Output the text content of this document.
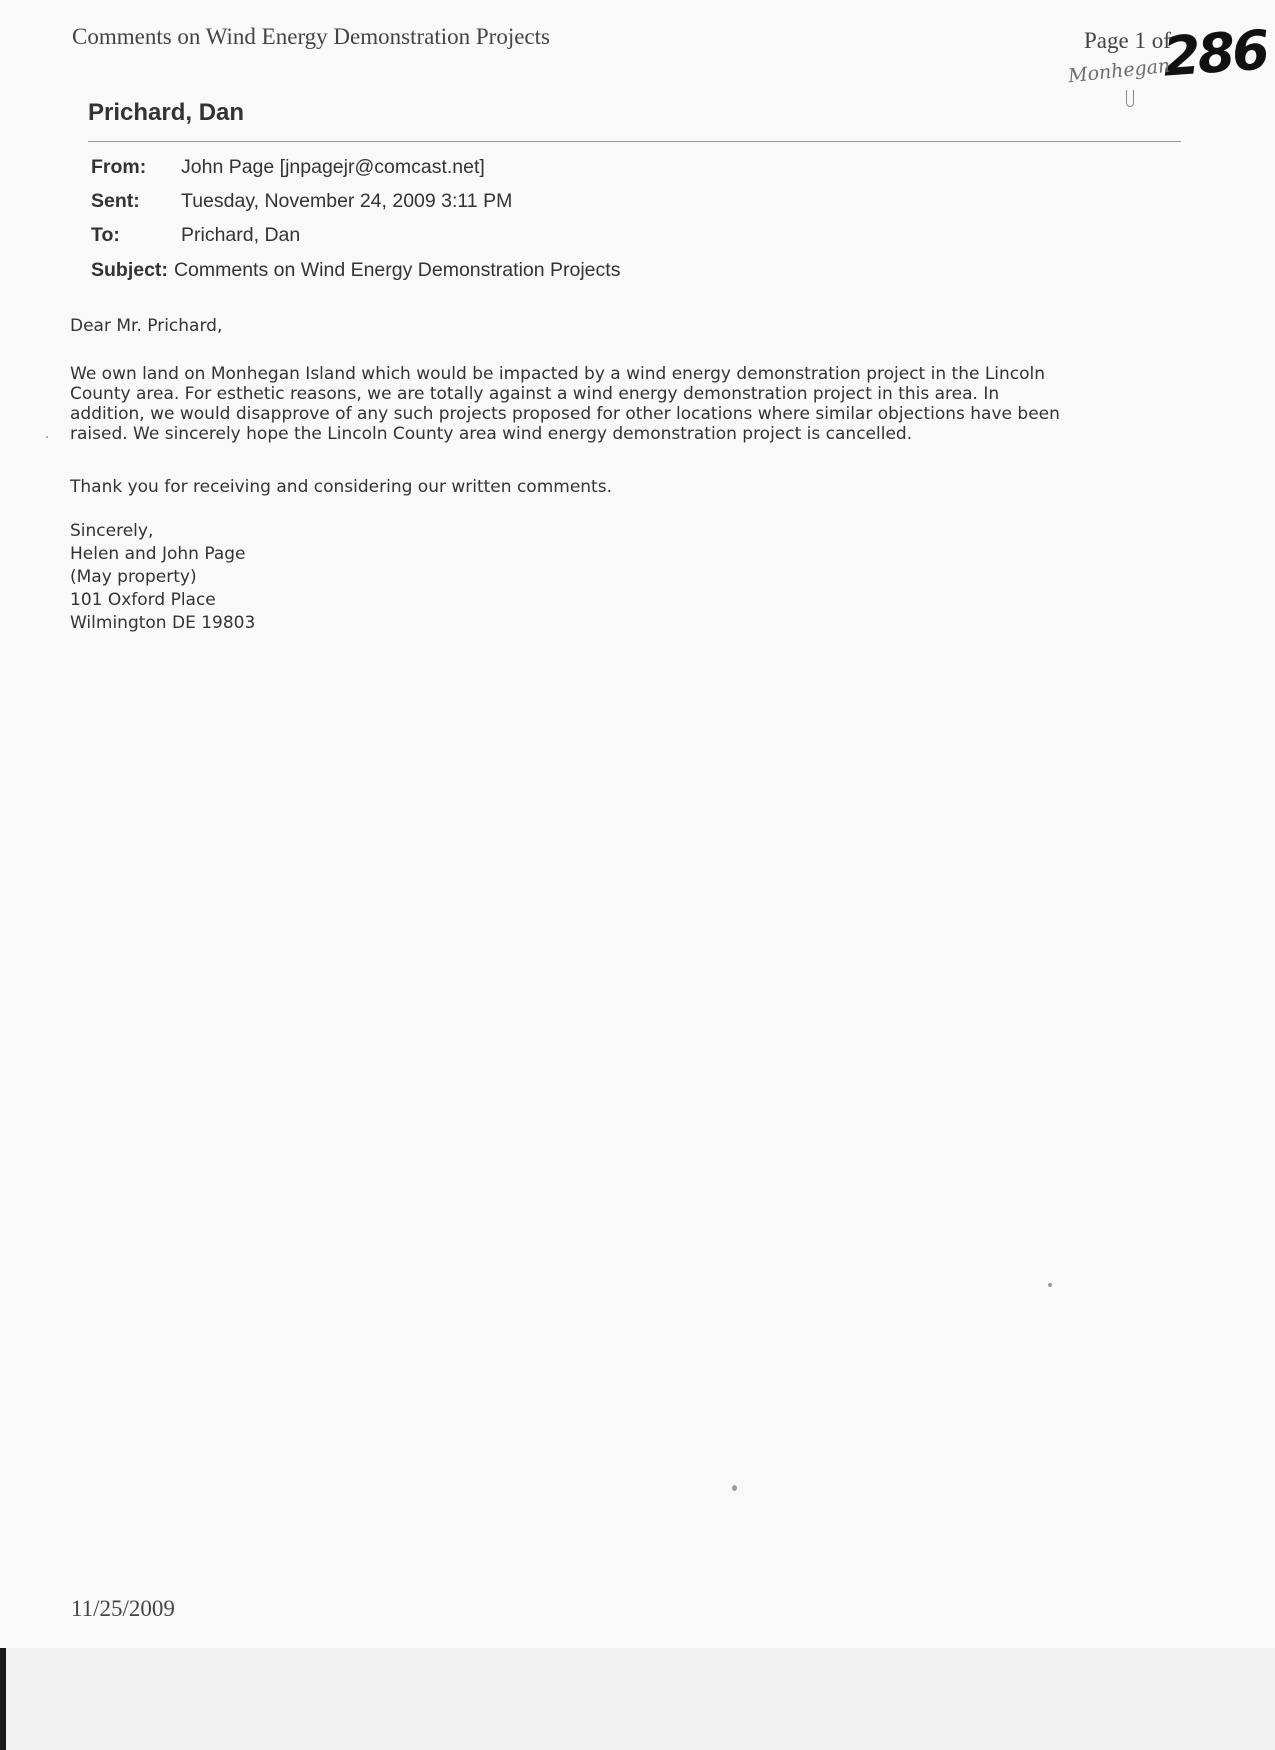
Comments on Wind Energy Demonstration Projects	Page 1 of
286
Monhegan
Prichard, Dan
From: John Page [jnpagejr@comcast.net]
Sent: Tuesday, November 24, 2009 3:11 PM
To:	Prichard, Dan
Subject: Comments on Wind Energy Demonstration Projects
Dear Mr. Prichard,
We own land on Monhegan Island which would be impacted by a wind energy demonstration project in the Lincoln
County area. For esthetic reasons, we are totally against a wind energy demonstration project in this area. In
addition, we would disapprove of any such projects proposed for other locations where similar objections have been
raised. We sincerely hope the Lincoln County area wind energy demonstration project is cancelled.
Thank you for receiving and considering our written comments.
Sincerely,
Helen and John Page
(May property)
101 Oxford Place
Wilmington DE 19803
11/25/2009
